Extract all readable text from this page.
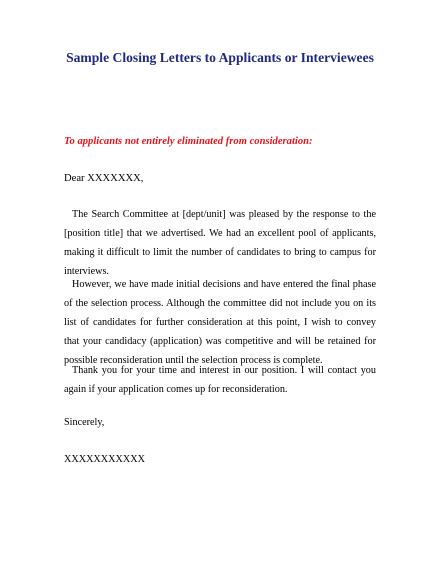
Sample Closing Letters to Applicants or Interviewees
To applicants not entirely eliminated from consideration:
Dear XXXXXXX,

The Search Committee at [dept/unit] was pleased by the response to the [position title] that we advertised. We had an excellent pool of applicants, making it difficult to limit the number of candidates to bring to campus for interviews.

However, we have made initial decisions and have entered the final phase of the selection process. Although the committee did not include you on its list of candidates for further consideration at this point, I wish to convey that your candidacy (application) was competitive and will be retained for possible reconsideration until the selection process is complete.

Thank you for your time and interest in our position. I will contact you again if your application comes up for reconsideration.

Sincerely,
XXXXXXXXXXX
